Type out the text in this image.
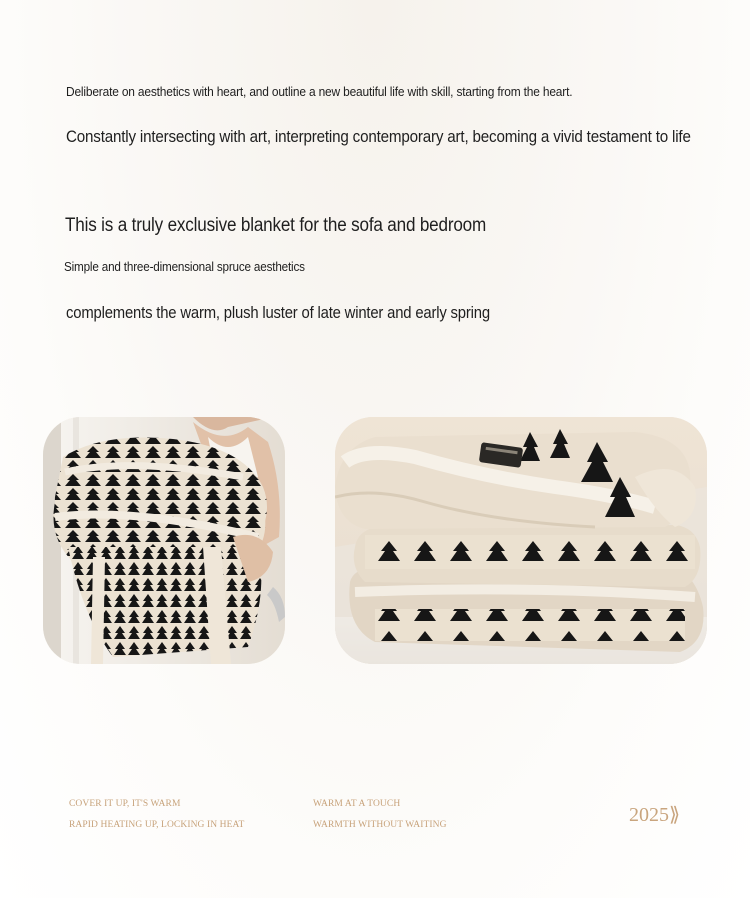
Deliberate on aesthetics with heart, and outline a new beautiful life with skill, starting from the heart.
Constantly intersecting with art, interpreting contemporary art, becoming a vivid testament to life
This is a truly exclusive blanket for the sofa and bedroom
Simple and three-dimensional spruce aesthetics
complements the warm, plush luster of late winter and early spring
COVER IT UP, IT'S WARM
RAPID HEATING UP, LOCKING IN HEAT
WARM AT A TOUCH
WARMTH WITHOUT WAITING	2025⟫
